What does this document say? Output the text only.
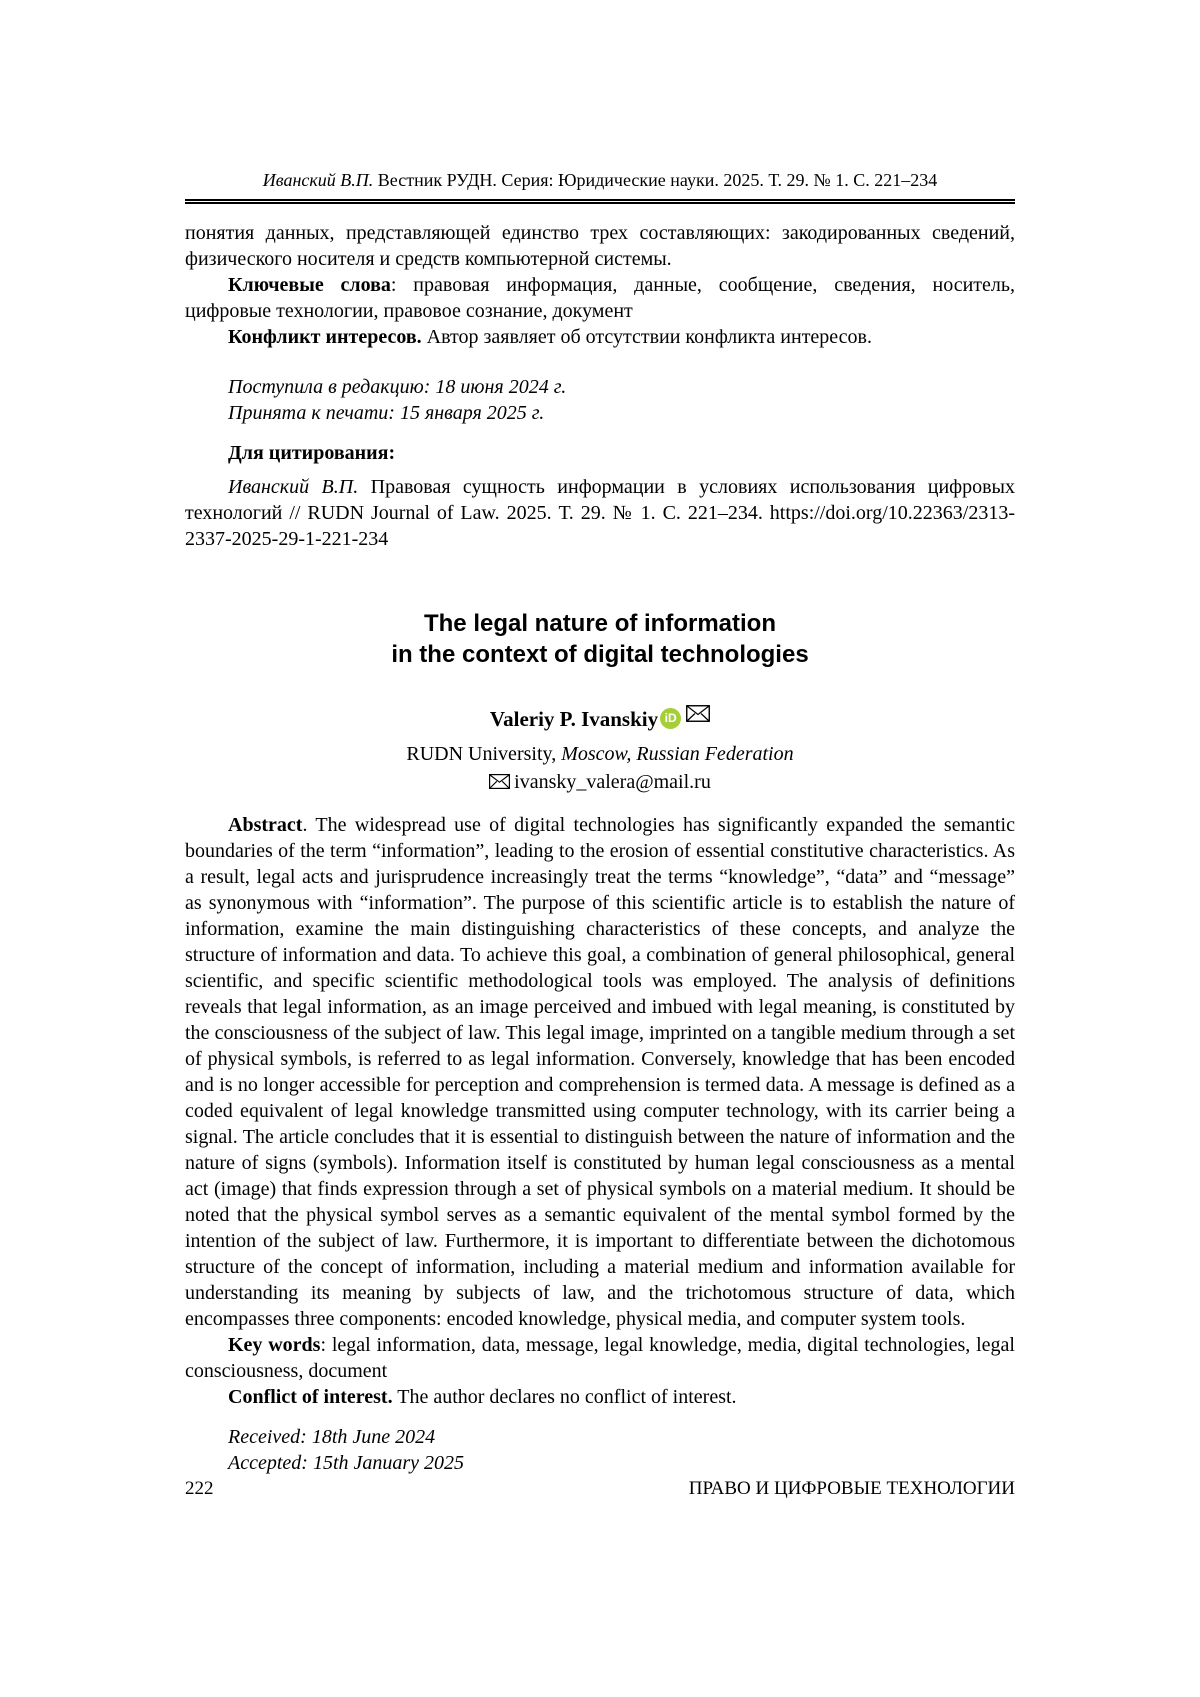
Иванский В.П. Вестник РУДН. Серия: Юридические науки. 2025. Т. 29. № 1. С. 221–234

понятия данных, представляющей единство трех составляющих: закодированных сведений, физического носителя и средств компьютерной системы.

Ключевые слова: правовая информация, данные, сообщение, сведения, носитель, цифровые технологии, правовое сознание, документ

Конфликт интересов. Автор заявляет об отсутствии конфликта интересов.

Поступила в редакцию: 18 июня 2024 г.

Принята к печати: 15 января 2025 г.

Для цитирования:

Иванский В.П. Правовая сущность информации в условиях использования цифровых технологий // RUDN Journal of Law. 2025. Т. 29. № 1. С. 221–234. https://doi.org/10.22363/2313-2337-2025-29-1-221-234

The legal nature of information
in the context of digital technologies
Valeriy P. Ivanskiy iD
RUDN University, Moscow, Russian Federation
ivansky_valera@mail.ru

Abstract. The widespread use of digital technologies has significantly expanded the semantic boundaries of the term “information”, leading to the erosion of essential constitutive characteristics. As a result, legal acts and jurisprudence increasingly treat the terms “knowledge”, “data” and “message” as synonymous with “information”. The purpose of this scientific article is to establish the nature of information, examine the main distinguishing characteristics of these concepts, and analyze the structure of information and data. To achieve this goal, a combination of general philosophical, general scientific, and specific scientific methodological tools was employed. The analysis of definitions reveals that legal information, as an image perceived and imbued with legal meaning, is constituted by the consciousness of the subject of law. This legal image, imprinted on a tangible medium through a set of physical symbols, is referred to as legal information. Conversely, knowledge that has been encoded and is no longer accessible for perception and comprehension is termed data. A message is defined as a coded equivalent of legal knowledge transmitted using computer technology, with its carrier being a signal. The article concludes that it is essential to distinguish between the nature of information and the nature of signs (symbols). Information itself is constituted by human legal consciousness as a mental act (image) that finds expression through a set of physical symbols on a material medium. It should be noted that the physical symbol serves as a semantic equivalent of the mental symbol formed by the intention of the subject of law. Furthermore, it is important to differentiate between the dichotomous structure of the concept of information, including a material medium and information available for understanding its meaning by subjects of law, and the trichotomous structure of data, which encompasses three components: encoded knowledge, physical media, and computer system tools.

Key words: legal information, data, message, legal knowledge, media, digital technologies, legal consciousness, document

Conflict of interest. The author declares no conflict of interest.

Received: 18th June 2024

Accepted: 15th January 2025

222	ПРАВО И ЦИФРОВЫЕ ТЕХНОЛОГИИ
